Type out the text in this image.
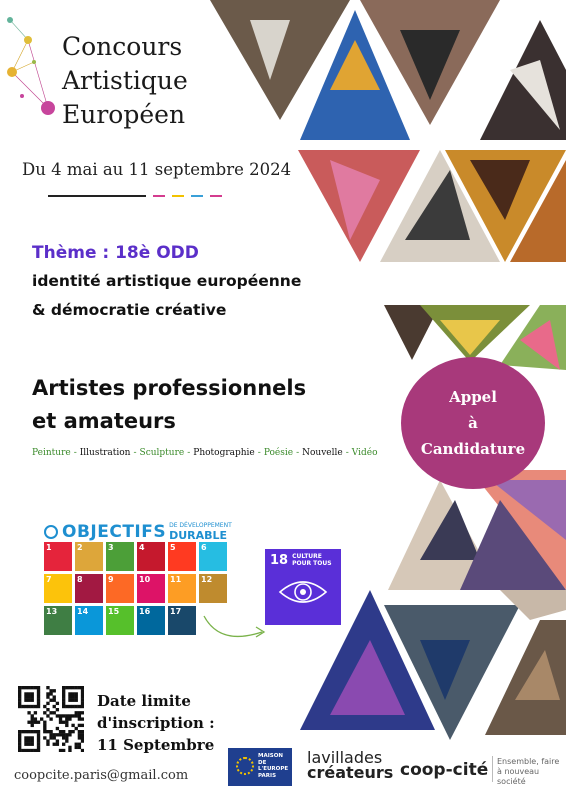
Concours
Artistique
Européen
Du 4 mai au 11 septembre 2024
Thème : 18è ODD
identité artistique européenne
& démocratie créative
Artistes professionnels
et amateurs
Peinture - Illustration - Sculpture - Photographie - Poésie - Nouvelle - Vidéo
Appel
à
Candidature
OBJECTIFS DE DÉVELOPPEMENT
DURABLE
1	2	3	4	5	6
7	8	9	10	11	12
13	14	15	16	17
18 CULTURE
POUR TOUS
Date limite
d'inscription :
11 Septembre
coopcite.paris@gmail.com
MAISON DE L'EUROPE PARIS
lavillades
créateurs coop-cité Ensemble, faire
à nouveau société
